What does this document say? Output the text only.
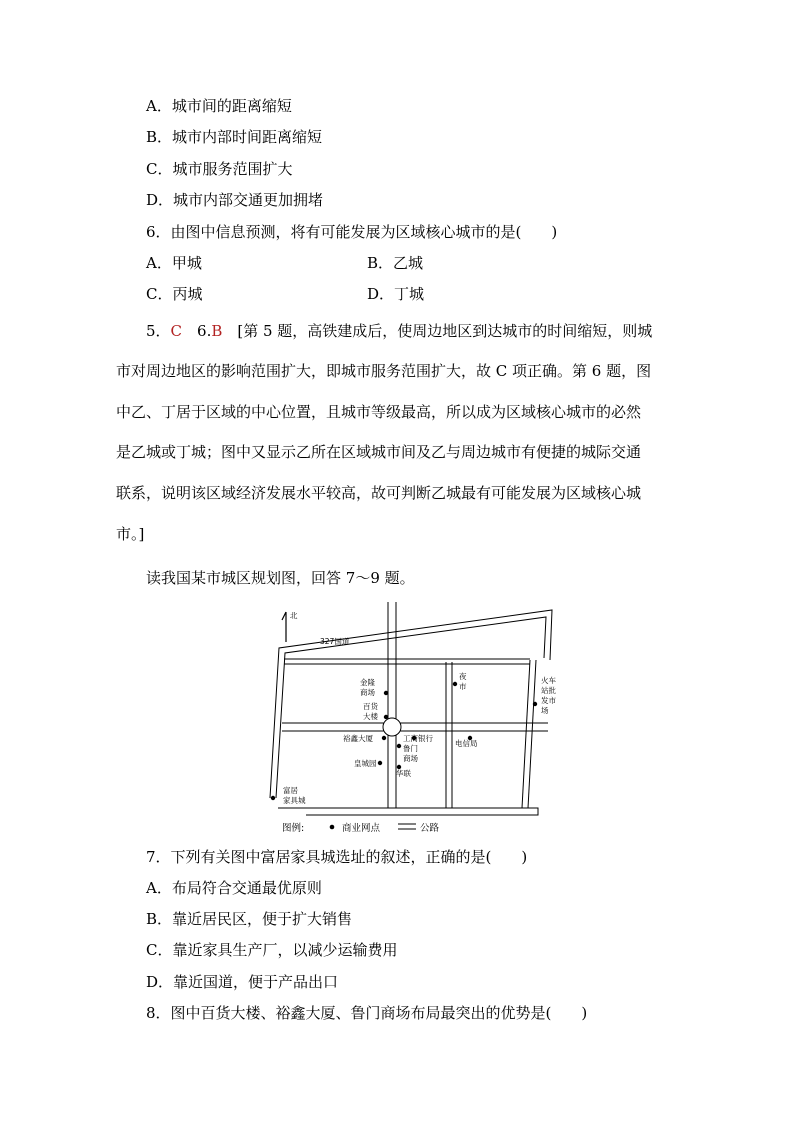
A．城市间的距离缩短
B．城市内部时间距离缩短
C．城市服务范围扩大
D．城市内部交通更加拥堵
6．由图中信息预测，将有可能发展为区域核心城市的是(　　)
A．甲城	B．乙城
C．丙城	D．丁城
5．C  6.B  [第 5 题，高铁建成后，使周边地区到达城市的时间缩短，则城
市对周边地区的影响范围扩大，即城市服务范围扩大，故 C 项正确。第 6 题，图
中乙、丁居于区域的中心位置，且城市等级最高，所以成为区域核心城市的必然
是乙城或丁城；图中又显示乙所在区域城市间及乙与周边城市有便捷的城际交通
联系，说明该区域经济发展水平较高，故可判断乙城最有可能发展为区域核心城
市。]
读我国某市城区规划图，回答 7～9 题。
北
327国道
金隆
商场
百货
大楼
裕鑫大厦
皇城园
工商银行
鲁门
商场
华联
夜
市
电信局
火车
站批
发市
场
富居
家具城
图例:	商业网点	公路
7．下列有关图中富居家具城选址的叙述，正确的是(　　)
A．布局符合交通最优原则
B．靠近居民区，便于扩大销售
C．靠近家具生产厂，以减少运输费用
D．靠近国道，便于产品出口
8．图中百货大楼、裕鑫大厦、鲁门商场布局最突出的优势是(　　)
